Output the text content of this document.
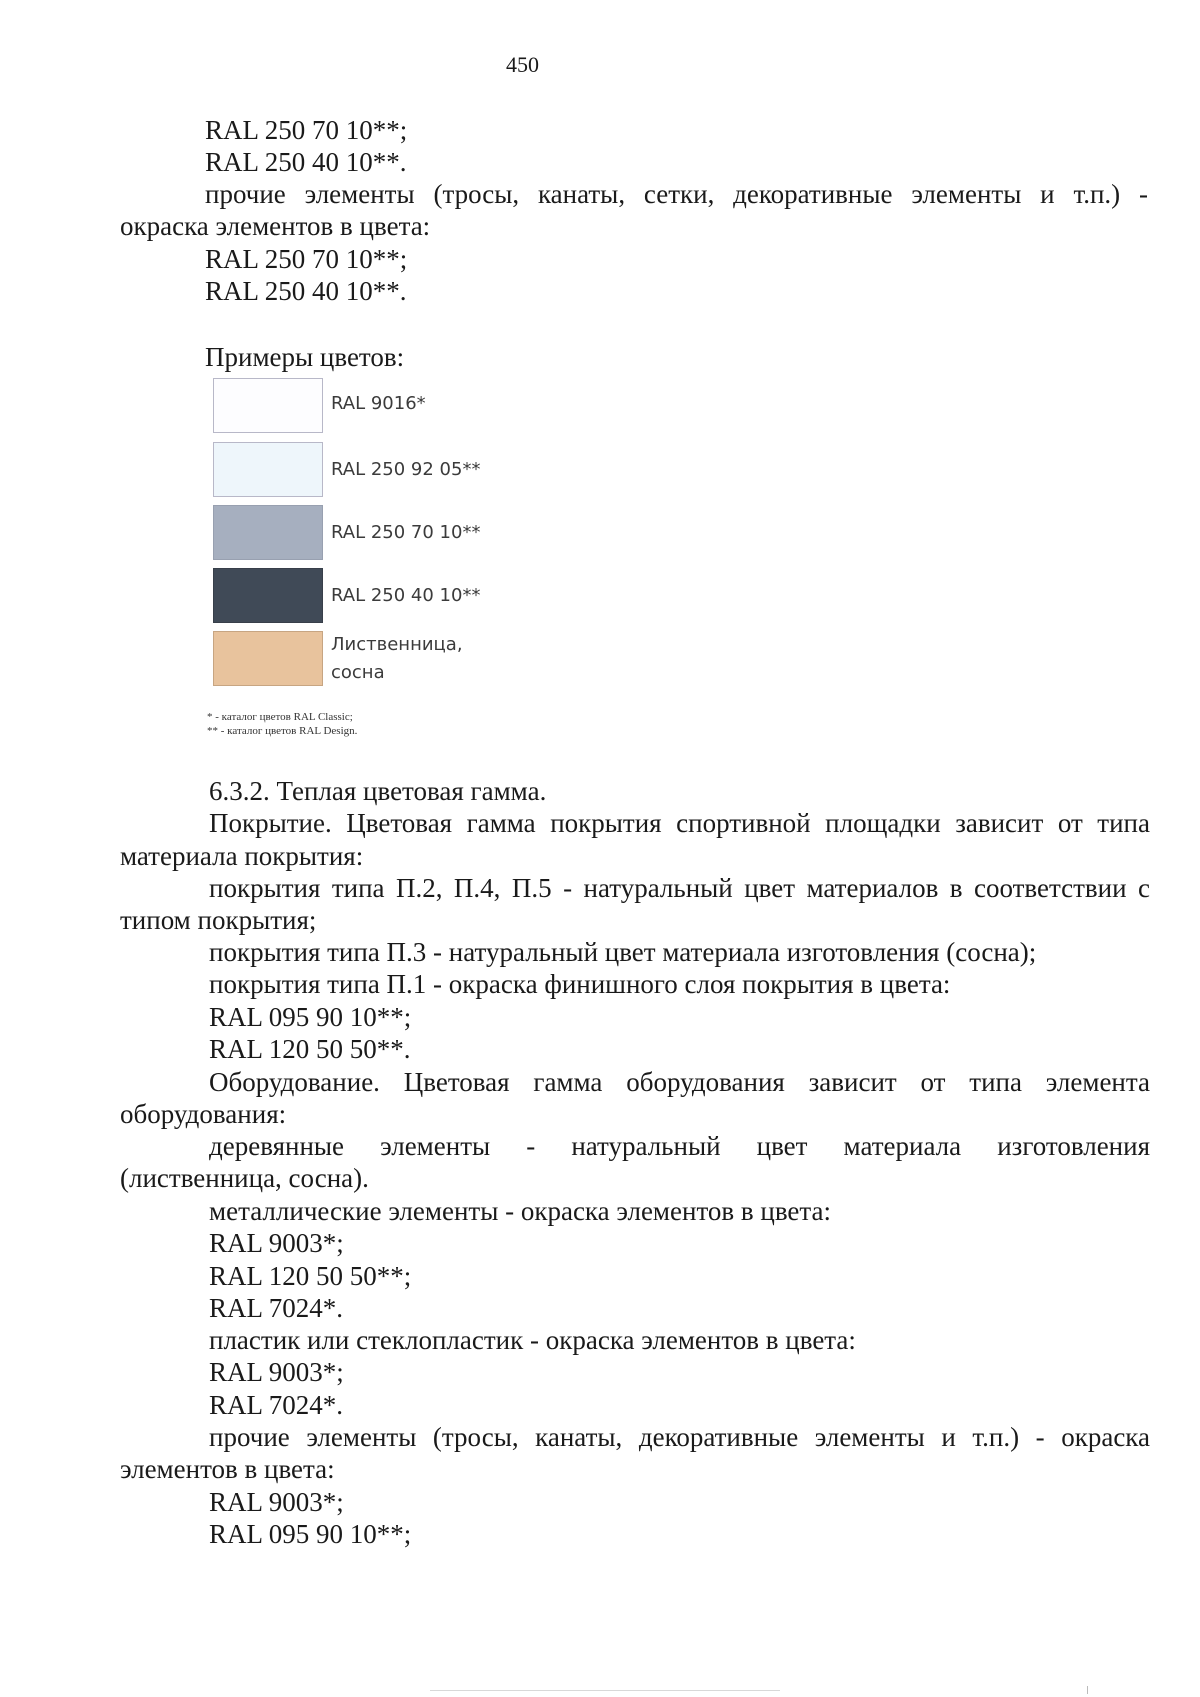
450
RAL 250 70 10**;
RAL 250 40 10**.
прочие элементы (тросы, канаты, сетки, декоративные элементы и т.п.) -
окраска элементов в цвета:
RAL 250 70 10**;
RAL 250 40 10**.
Примеры цветов:
RAL 9016*
RAL 250 92 05**
RAL 250 70 10**
RAL 250 40 10**
Лиственница,
сосна
* - каталог цветов RAL Classic;
** - каталог цветов RAL Design.
6.3.2. Теплая цветовая гамма.
Покрытие. Цветовая гамма покрытия спортивной площадки зависит от типа
материала покрытия:
покрытия типа П.2, П.4, П.5 - натуральный цвет материалов в соответствии с
типом покрытия;
покрытия типа П.3 - натуральный цвет материала изготовления (сосна);
покрытия типа П.1 - окраска финишного слоя покрытия в цвета:
RAL 095 90 10**;
RAL 120 50 50**.
Оборудование. Цветовая гамма оборудования зависит от типа элемента
оборудования:
деревянные элементы - натуральный цвет материала изготовления
(лиственница, сосна).
металлические элементы - окраска элементов в цвета:
RAL 9003*;
RAL 120 50 50**;
RAL 7024*.
пластик или стеклопластик - окраска элементов в цвета:
RAL 9003*;
RAL 7024*.
прочие элементы (тросы, канаты, декоративные элементы и т.п.) - окраска
элементов в цвета:
RAL 9003*;
RAL 095 90 10**;
